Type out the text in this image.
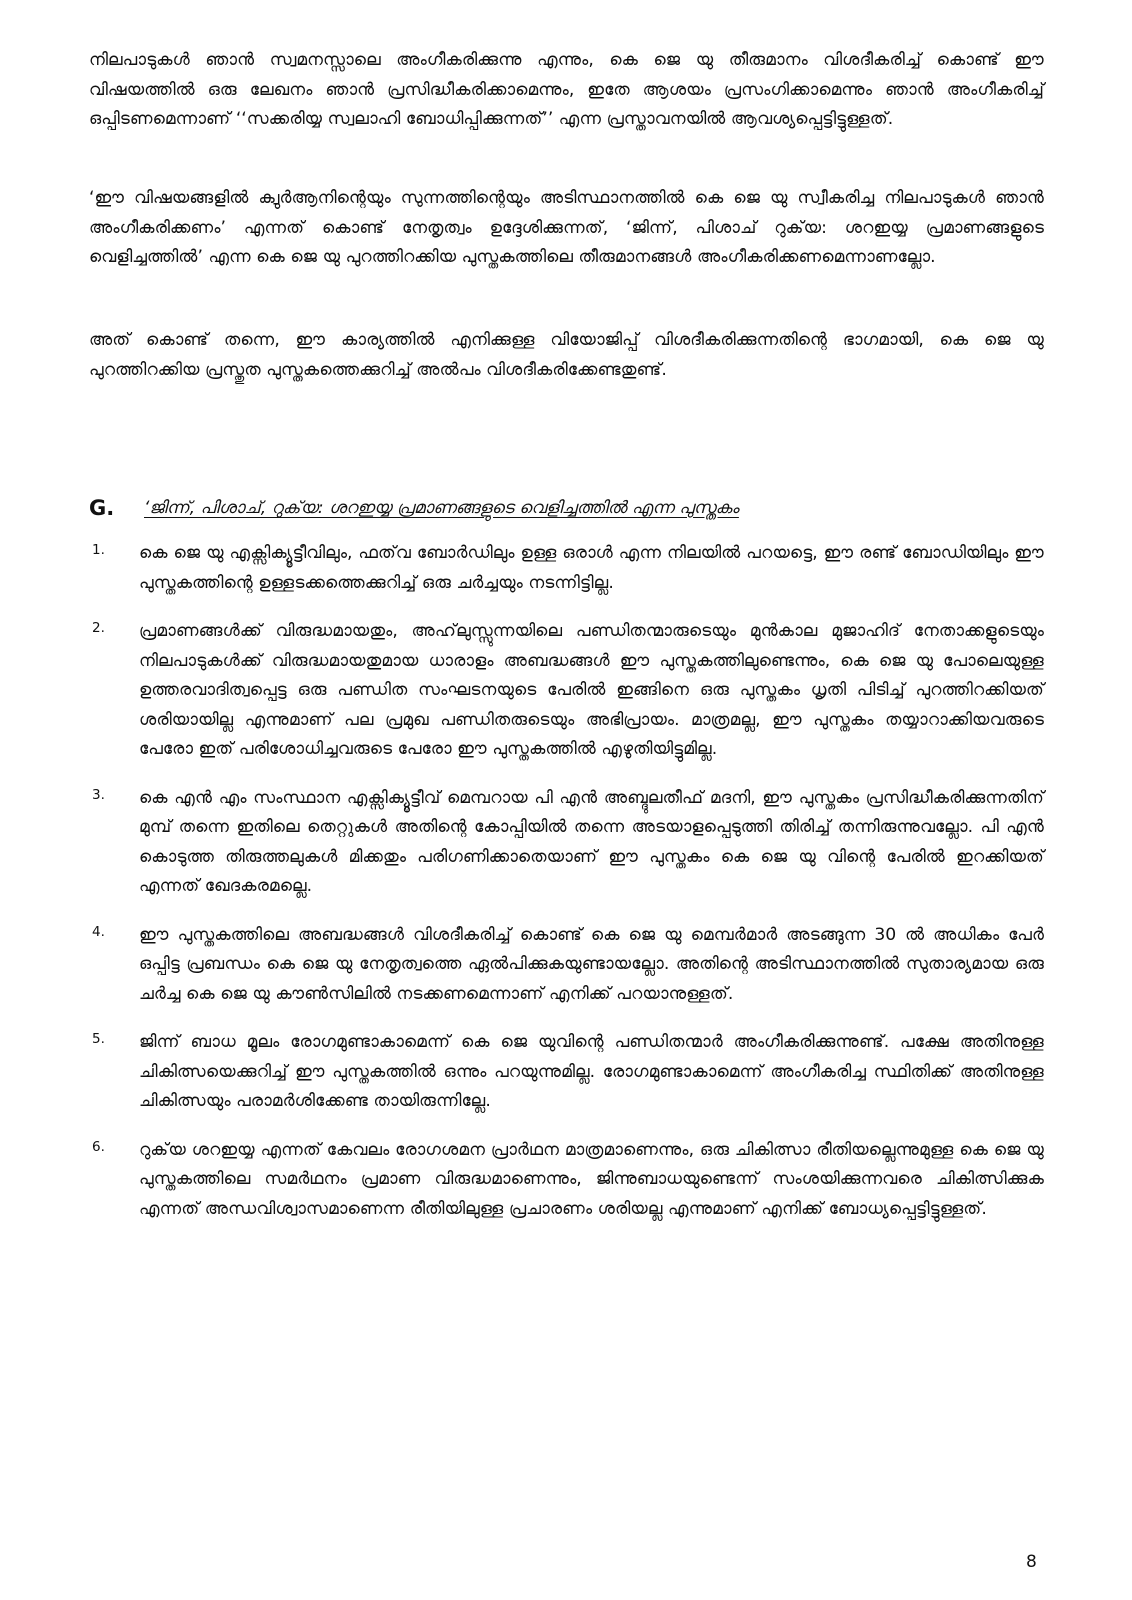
നിലപാടുകൾ ഞാൻ സ്വമനസ്സാലെ അംഗീകരിക്കുന്നു എന്നും, കെ ജെ യു തീരുമാനം വിശദീകരിച്ച് കൊണ്ട് ഈ വിഷയത്തിൽ ഒരു ലേഖനം ഞാൻ പ്രസിദ്ധീകരിക്കാമെന്നും, ഇതേ ആശയം പ്രസംഗിക്കാമെന്നും ഞാൻ അംഗീകരിച്ച് ഒപ്പിടണമെന്നാണ് ‘‘സക്കരിയ്യ സ്വലാഹി ബോധിപ്പിക്കുന്നത്’’ എന്ന പ്രസ്താവനയിൽ ആവശ്യപ്പെട്ടിട്ടുള്ളത്.

‘ഈ വിഷയങ്ങളിൽ ക്വുർആനിന്റെയും സുന്നത്തിന്റെയും അടിസ്ഥാനത്തിൽ കെ ജെ യു സ്വീകരിച്ച നിലപാടുകൾ ഞാൻ അംഗീകരിക്കണം’ എന്നത് കൊണ്ട് നേതൃത്വം ഉദ്ദേശിക്കുന്നത്, ‘ജിന്ന്, പിശാച് റുക്‌യ: ശറഇയ്യ പ്രമാണങ്ങളുടെ വെളിച്ചത്തിൽ’ എന്ന കെ ജെ യു പുറത്തിറക്കിയ പുസ്തകത്തിലെ തീരുമാനങ്ങൾ അംഗീകരിക്കണമെന്നാണല്ലോ.

അത് കൊണ്ട് തന്നെ, ഈ കാര്യത്തിൽ എനിക്കുള്ള വിയോജിപ്പ് വിശദീകരിക്കുന്നതിന്റെ ഭാഗമായി, കെ ജെ യു പുറത്തിറക്കിയ പ്രസ്തുത പുസ്തകത്തെക്കുറിച്ച് അൽപം വിശദീകരിക്കേണ്ടതുണ്ട്.

G. ‘ജിന്ന്, പിശാച്, റുക്‌യ: ശറഇയ്യ പ്രമാണങ്ങളുടെ വെളിച്ചത്തിൽ എന്ന പുസ്തകം
1. കെ ജെ യു എക്സിക്യൂട്ടീവിലും, ഫത്‌വ ബോർഡിലും ഉള്ള ഒരാൾ എന്ന നിലയിൽ പറയട്ടെ, ഈ രണ്ട് ബോഡിയിലും ഈ പുസ്തകത്തിന്റെ ഉള്ളടക്കത്തെക്കുറിച്ച് ഒരു ചർച്ചയും നടന്നിട്ടില്ല.

2. പ്രമാണങ്ങൾക്ക് വിരുദ്ധമായതും, അഹ്‌ലുസ്സുന്നയിലെ പണ്ഡിതന്മാരുടെയും മുൻകാല മുജാഹിദ് നേതാക്കളുടെയും നിലപാടുകൾക്ക് വിരുദ്ധമായതുമായ ധാരാളം അബദ്ധങ്ങൾ ഈ പുസ്തകത്തിലുണ്ടെന്നും, കെ ജെ യു പോലെയുള്ള ഉത്തരവാദിത്വപ്പെട്ട ഒരു പണ്ഡിത സംഘടനയുടെ പേരിൽ ഇങ്ങിനെ ഒരു പുസ്തകം ധൃതി പിടിച്ച് പുറത്തിറക്കിയത് ശരിയായില്ല എന്നുമാണ് പല പ്രമുഖ പണ്ഡിതരുടെയും അഭിപ്രായം. മാത്രമല്ല, ഈ പുസ്തകം തയ്യാറാക്കിയവരുടെ പേരോ ഇത് പരിശോധിച്ചവരുടെ പേരോ ഈ പുസ്തകത്തിൽ എഴുതിയിട്ടുമില്ല.

3. കെ എൻ എം സംസ്ഥാന എക്സിക്യൂട്ടീവ് മെമ്പറായ പി എൻ അബ്ദുലതീഫ് മദനി, ഈ പുസ്തകം പ്രസിദ്ധീകരിക്കുന്നതിന് മുമ്പ് തന്നെ ഇതിലെ തെറ്റുകൾ അതിന്റെ കോപ്പിയിൽ തന്നെ അടയാളപ്പെടുത്തി തിരിച്ച് തന്നിരുന്നുവല്ലോ. പി എൻ കൊടുത്ത തിരുത്തലുകൾ മിക്കതും പരിഗണിക്കാതെയാണ് ഈ പുസ്തകം കെ ജെ യു വിന്റെ പേരിൽ ഇറക്കിയത് എന്നത് ഖേദകരമല്ലെ.

4. ഈ പുസ്തകത്തിലെ അബദ്ധങ്ങൾ വിശദീകരിച്ച് കൊണ്ട് കെ ജെ യു മെമ്പർമാർ അടങ്ങുന്ന 30 ൽ അധികം പേർ ഒപ്പിട്ട പ്രബന്ധം കെ ജെ യു നേതൃത്വത്തെ ഏൽപിക്കുകയുണ്ടായല്ലോ. അതിന്റെ അടിസ്ഥാനത്തിൽ സുതാര്യമായ ഒരു ചർച്ച കെ ജെ യു കൗൺസിലിൽ നടക്കണമെന്നാണ് എനിക്ക് പറയാനുള്ളത്.

5. ജിന്ന് ബാധ മൂലം രോഗമുണ്ടാകാമെന്ന് കെ ജെ യുവിന്റെ പണ്ഡിതന്മാർ അംഗീകരിക്കുന്നുണ്ട്. പക്ഷേ അതിനുള്ള ചികിത്സയെക്കുറിച്ച് ഈ പുസ്തകത്തിൽ ഒന്നും പറയുന്നുമില്ല. രോഗമുണ്ടാകാമെന്ന് അംഗീകരിച്ച സ്ഥിതിക്ക് അതിനുള്ള ചികിത്സയും പരാമർശിക്കേണ്ട തായിരുന്നില്ലേ.

6. റുക്‌യ ശറഇയ്യ എന്നത് കേവലം രോഗശമന പ്രാർഥന മാത്രമാണെന്നും, ഒരു ചികിത്സാ രീതിയല്ലെന്നുമുള്ള കെ ജെ യു പുസ്തകത്തിലെ സമർഥനം പ്രമാണ വിരുദ്ധമാണെന്നും, ജിന്നുബാധയുണ്ടെന്ന് സംശയിക്കുന്നവരെ ചികിത്സിക്കുക എന്നത് അന്ധവിശ്വാസമാണെന്ന രീതിയിലുള്ള പ്രചാരണം ശരിയല്ല എന്നുമാണ് എനിക്ക് ബോധ്യപ്പെട്ടിട്ടുള്ളത്.

8
